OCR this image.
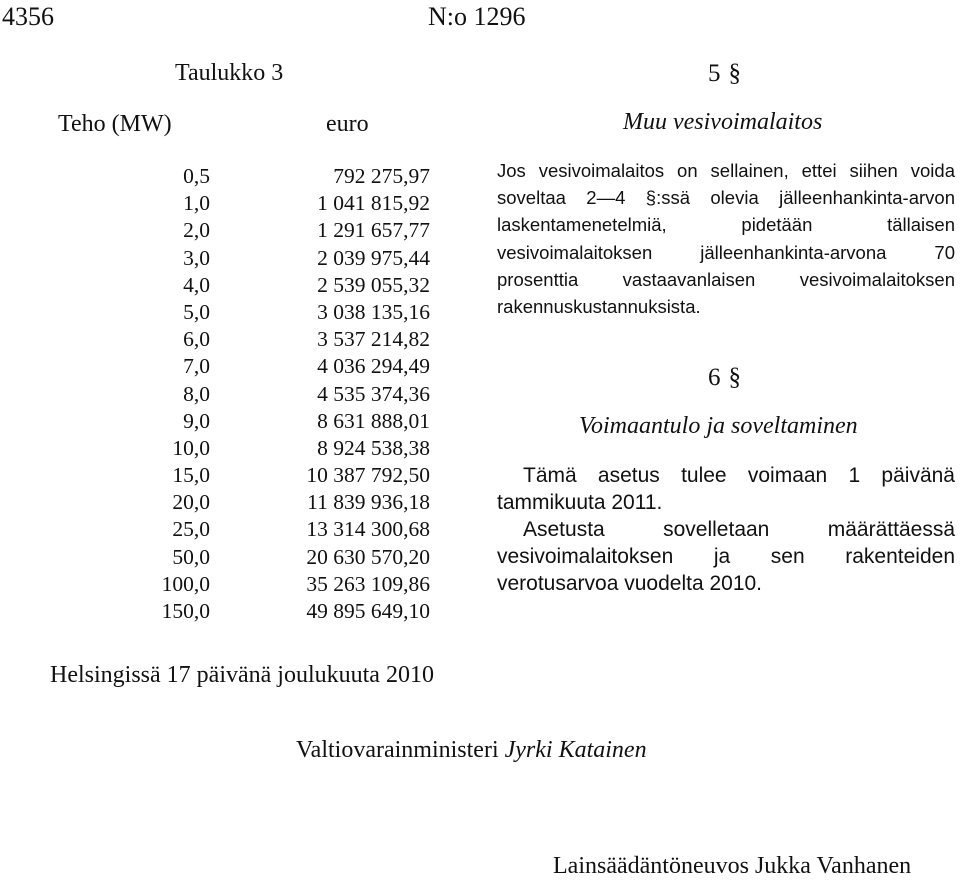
4356	N:o 1296
Taulukko 3
Teho (MW)	euro
0,5	792 275,97
1,0	1 041 815,92
2,0	1 291 657,77
3,0	2 039 975,44
4,0	2 539 055,32
5,0	3 038 135,16
6,0	3 537 214,82
7,0	4 036 294,49
8,0	4 535 374,36
9,0	8 631 888,01
10,0	8 924 538,38
15,0	10 387 792,50
20,0	11 839 936,18
25,0	13 314 300,68
50,0	20 630 570,20
100,0	35 263 109,86
150,0	49 895 649,10
5 §
Muu vesivoimalaitos
Jos vesivoimalaitos on sellainen, ettei siihen voida soveltaa 2—4 §:ssä olevia jälleenhankinta-arvon laskentamenetelmiä, pidetään tällaisen vesivoimalaitoksen jälleenhankinta-arvona 70 prosenttia vastaavanlaisen vesivoimalaitoksen rakennuskustannuksista.
6 §
Voimaantulo ja soveltaminen
Tämä asetus tulee voimaan 1 päivänä tammikuuta 2011.
Asetusta sovelletaan määrättäessä vesivoimalaitoksen ja sen rakenteiden verotusarvoa vuodelta 2010.
Helsingissä 17 päivänä joulukuuta 2010
Valtiovarainministeri Jyrki Katainen
Lainsäädäntöneuvos Jukka Vanhanen
